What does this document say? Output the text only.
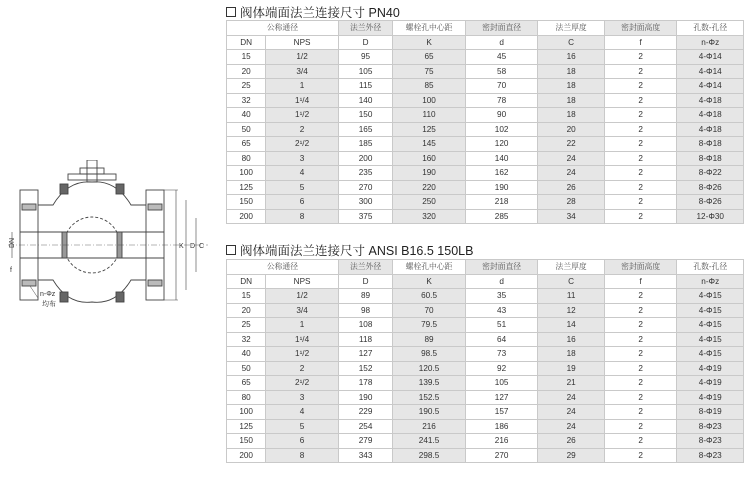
DN
f
D
K C
n-Φz
均布
阀体端面法兰连接尺寸 PN40
公称通径		法兰外径	螺栓孔中心距	密封面直径	法兰厚度	密封面高度	孔数-孔径
DN	NPS	D	K	d	C	f	n-Φz
15	1/2	95	65	45	16	2	4-Φ14
20	3/4	105	75	58	18	2	4-Φ14
25	1	115	85	70	18	2	4-Φ14
32	1¹/4	140	100	78	18	2	4-Φ18
40	1¹/2	150	110	90	18	2	4-Φ18
50	2	165	125	102	20	2	4-Φ18
65	2¹/2	185	145	120	22	2	8-Φ18
80	3	200	160	140	24	2	8-Φ18
100	4	235	190	162	24	2	8-Φ22
125	5	270	220	190	26	2	8-Φ26
150	6	300	250	218	28	2	8-Φ26
200	8	375	320	285	34	2	12-Φ30
阀体端面法兰连接尺寸 ANSI B16.5 150LB
公称通径		法兰外径	螺栓孔中心距	密封面直径	法兰厚度	密封面高度	孔数-孔径
DN	NPS	D	K	d	C	f	n-Φz
15	1/2	89	60.5	35	11	2	4-Φ15
20	3/4	98	70	43	12	2	4-Φ15
25	1	108	79.5	51	14	2	4-Φ15
32	1¹/4	118	89	64	16	2	4-Φ15
40	1¹/2	127	98.5	73	18	2	4-Φ15
50	2	152	120.5	92	19	2	4-Φ19
65	2¹/2	178	139.5	105	21	2	4-Φ19
80	3	190	152.5	127	24	2	4-Φ19
100	4	229	190.5	157	24	2	8-Φ19
125	5	254	216	186	24	2	8-Φ23
150	6	279	241.5	216	26	2	8-Φ23
200	8	343	298.5	270	29	2	8-Φ23
